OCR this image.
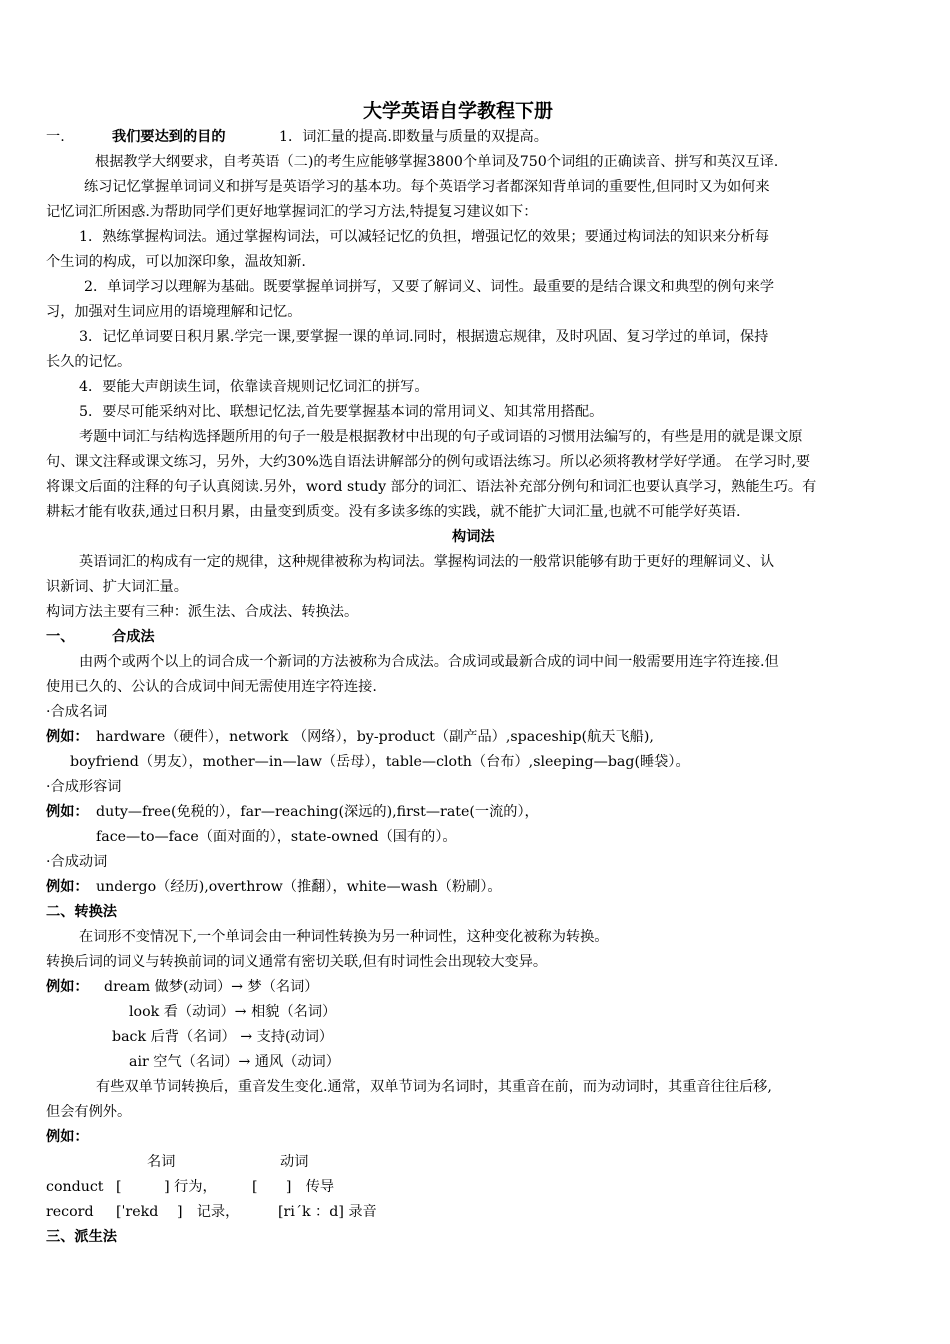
大学英语自学教程下册
一.	我们要达到的目的	1．词汇量的提高.即数量与质量的双提高。
根据教学大纲要求，自考英语（二)的考生应能够掌握3800个单词及750个词组的正确读音、拼写和英汉互译.
练习记忆掌握单词词义和拼写是英语学习的基本功。每个英语学习者都深知背单词的重要性,但同时又为如何来
记忆词汇所困惑.为帮助同学们更好地掌握词汇的学习方法,特提复习建议如下：
1．熟练掌握构词法。通过掌握构词法，可以减轻记忆的负担，增强记忆的效果；要通过构词法的知识来分析每
个生词的构成，可以加深印象，温故知新.
2．单词学习以理解为基础。既要掌握单词拼写，又要了解词义、词性。最重要的是结合课文和典型的例句来学
习，加强对生词应用的语境理解和记忆。
3．记忆单词要日积月累.学完一课,要掌握一课的单词.同时，根据遗忘规律，及时巩固、复习学过的单词，保持
长久的记忆。
4．要能大声朗读生词，依靠读音规则记忆词汇的拼写。
5．要尽可能采纳对比、联想记忆法,首先要掌握基本词的常用词义、知其常用搭配。
考题中词汇与结构选择题所用的句子一般是根据教材中出现的句子或词语的习惯用法编写的，有些是用的就是课文原
句、课文注释或课文练习，另外，大约30%选自语法讲解部分的例句或语法练习。所以必须将教材学好学通。 在学习时,要
将课文后面的注释的句子认真阅读.另外，word study 部分的词汇、语法补充部分例句和词汇也要认真学习，熟能生巧。有
耕耘才能有收获,通过日积月累，由量变到质变。没有多读多练的实践，就不能扩大词汇量,也就不可能学好英语.
构词法
英语词汇的构成有一定的规律，这种规律被称为构词法。掌握构词法的一般常识能够有助于更好的理解词义、认
识新词、扩大词汇量。
构词方法主要有三种：派生法、合成法、转换法。
一、	合成法
由两个或两个以上的词合成一个新词的方法被称为合成法。合成词或最新合成的词中间一般需要用连字符连接.但
使用已久的、公认的合成词中间无需使用连字符连接.
·合成名词
例如： hardware（硬件），network （网络），by-product（副产品）,spaceship(航天飞船),
boyfriend（男友），mother—in—law（岳母），table—cloth（台布）,sleeping—bag(睡袋）。
·合成形容词
例如： duty—free(免税的），far—reaching(深远的),first—rate(一流的），
face—to—face（面对面的），state-owned（国有的）。
·合成动词
例如： undergo（经历),overthrow（推翻），white—wash（粉刷）。
二、转换法
在词形不变情况下,一个单词会由一种词性转换为另一种词性，这种变化被称为转换。
转换后词的词义与转换前词的词义通常有密切关联,但有时词性会出现较大变异。
例如： dream 做梦(动词）→ 梦（名词）
look 看（动词）→ 相貌（名词）
back 后背（名词） → 支持(动词）
air 空气（名词）→ 通风（动词）
有些双单节词转换后，重音发生变化.通常，双单节词为名词时，其重音在前，而为动词时，其重音往往后移,
但会有例外。
例如：
名词	动词
conduct [　　　] 行为， [　　]　传导
record [ˈrekd　 ]　记录，	[riˊk ：d] 录音
三、派生法
